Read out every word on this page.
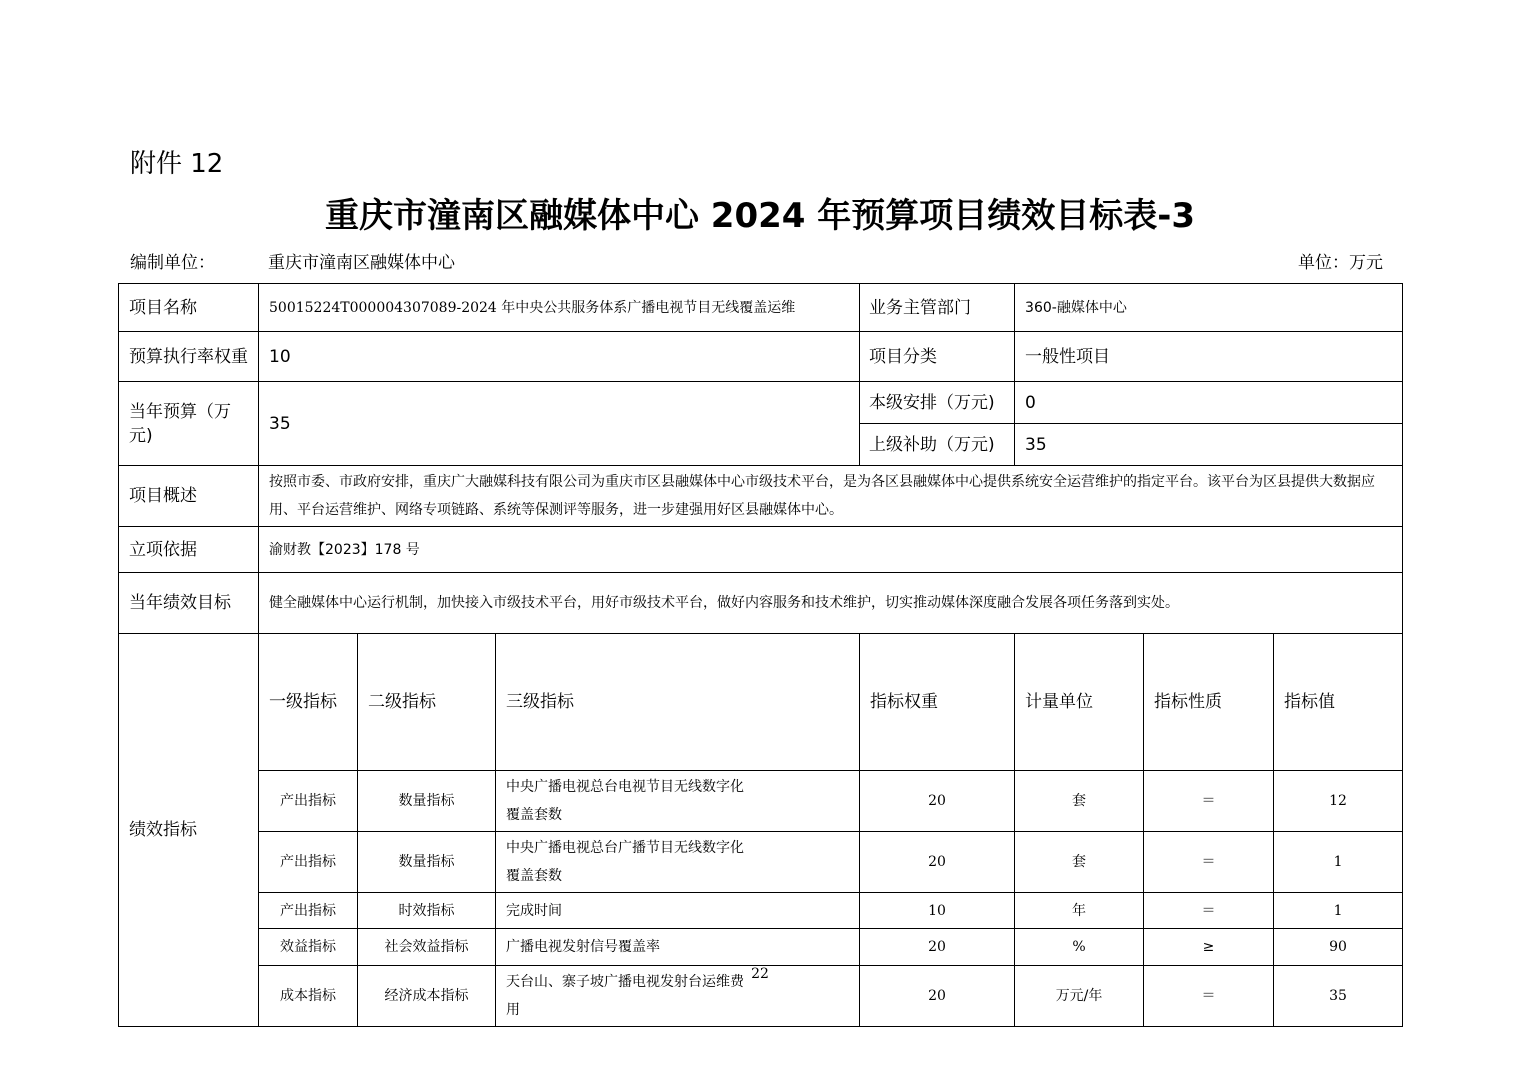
附件 12
重庆市潼南区融媒体中心 2024 年预算项目绩效目标表-3
编制单位：	重庆市潼南区融媒体中心	单位：万元
项目名称	50015224T000004307089-2024 年中央公共服务体系广播电视节目无线覆盖运维			业务主管部门	360-融媒体中心			
预算执行率权重	10			项目分类	一般性项目			
当年预算（万元)	35			本级安排（万元)	0			
				上级补助（万元)	35			
项目概述	按照市委、市政府安排，重庆广大融媒科技有限公司为重庆市区县融媒体中心市级技术平台，是为各区县融媒体中心提供系统安全运营维护的指定平台。该平台为区县提供大数据应用、平台运营维护、网络专项链路、系统等保测评等服务，进一步建强用好区县融媒体中心。							
立项依据	渝财教【2023】178 号							
当年绩效目标	健全融媒体中心运行机制，加快接入市级技术平台，用好市级技术平台，做好内容服务和技术维护，切实推动媒体深度融合发展各项任务落到实处。							
绩效指标	一级指标	二级指标	三级指标	指标权重	计量单位	指标性质	指标值	
	产出指标	数量指标	中央广播电视总台电视节目无线数字化覆盖套数	20	套	＝	12	
	产出指标	数量指标	中央广播电视总台广播节目无线数字化覆盖套数	20	套	＝	1	
	产出指标	时效指标	完成时间	10	年	＝	1	
	效益指标	社会效益指标	广播电视发射信号覆盖率	20	%	≥	90	
	成本指标	经济成本指标	天台山、寨子坡广播电视发射台运维费用	20	万元/年	＝	35	
22
